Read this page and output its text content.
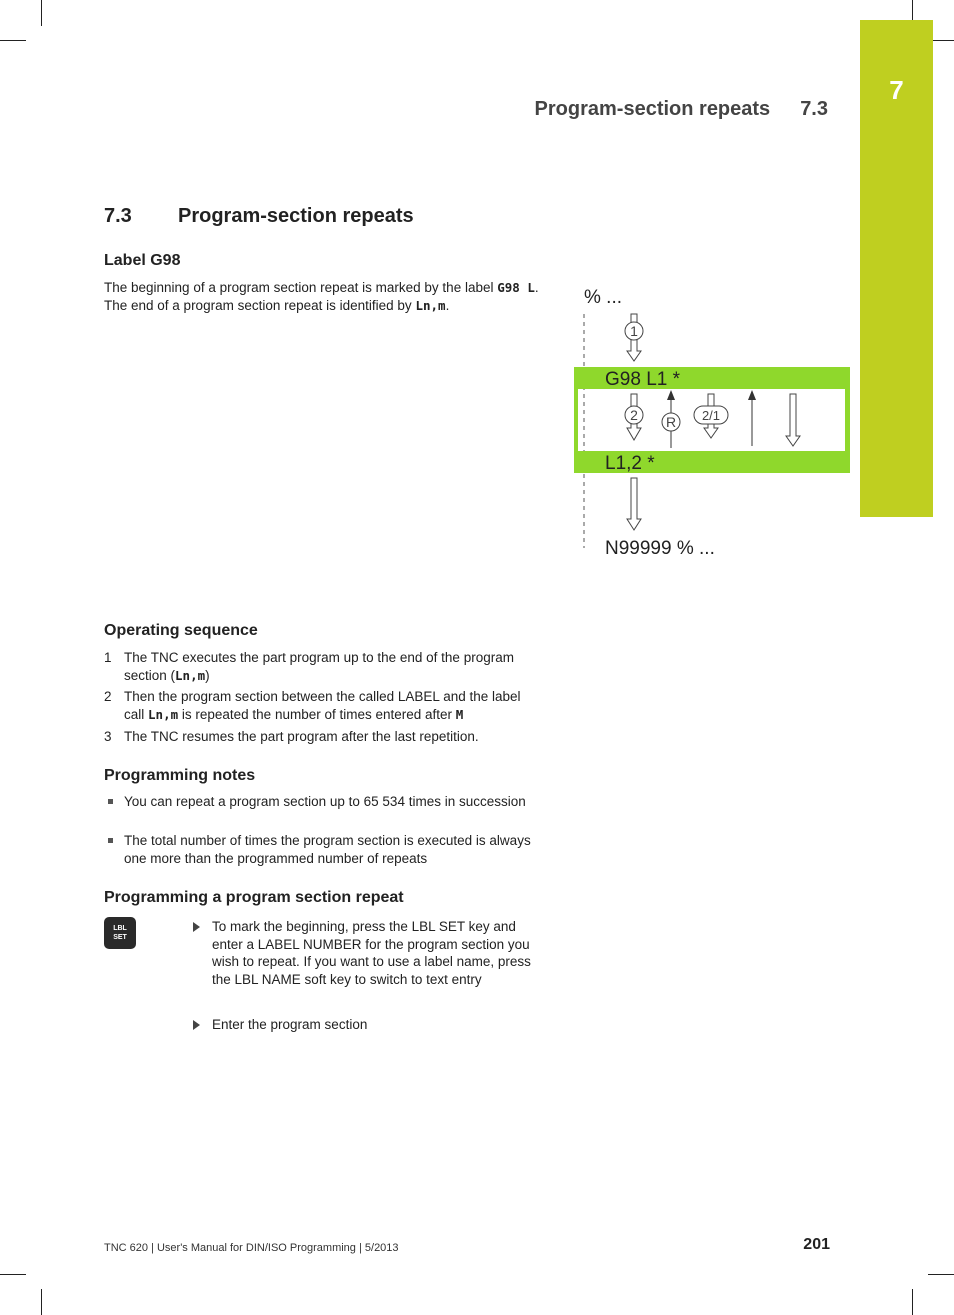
7
Program-section repeats 7.3
7.3 Program-section repeats
Label G98

The beginning of a program section repeat is marked by the label G98 L. The end of a program section repeat is identified by Ln,m.	% ...
G98 L1 *
L1,2 *
N99999 % ...
1
2 R 2/1
Operating sequence
1 The TNC executes the part program up to the end of the program section (Ln,m)
2 Then the program section between the called LABEL and the label call Ln,m is repeated the number of times entered after M
3 The TNC resumes the part program after the last repetition.
Programming notes
You can repeat a program section up to 65 534 times in succession
The total number of times the program section is executed is always one more than the programmed number of repeats
Programming a program section repeat
LBL
SET
To mark the beginning, press the LBL SET key and enter a LABEL NUMBER for the program section you wish to repeat. If you want to use a label name, press the LBL NAME soft key to switch to text entry
Enter the program section
TNC 620 | User's Manual for DIN/ISO Programming | 5/2013	201
